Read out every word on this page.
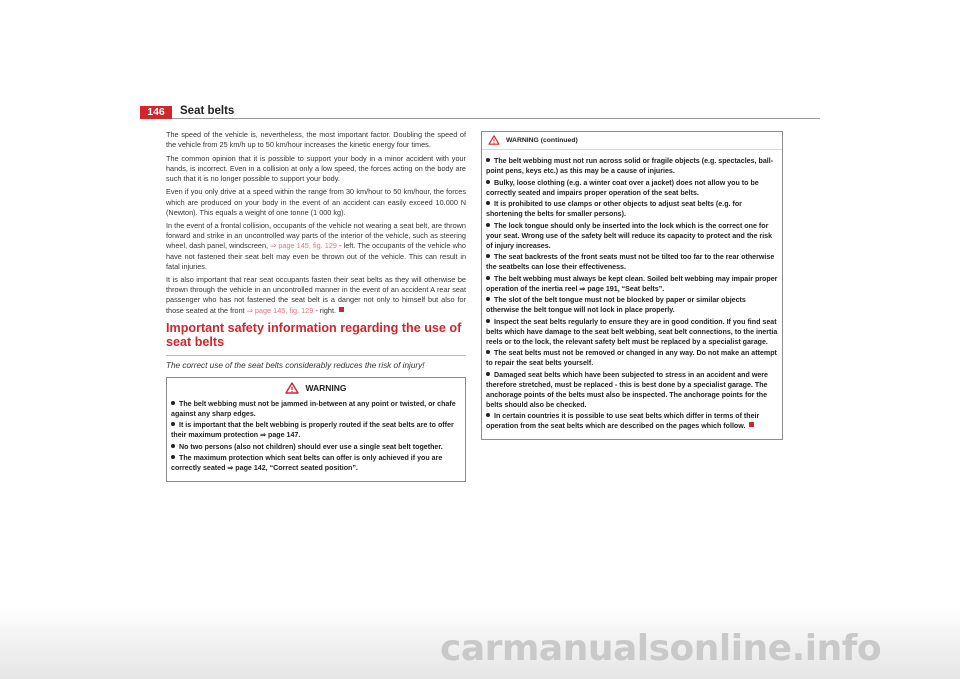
146	Seat belts

The speed of the vehicle is, nevertheless, the most important factor. Doubling the speed of the vehicle from 25 km/h up to 50 km/hour increases the kinetic energy four times.

The common opinion that it is possible to support your body in a minor accident with your hands, is incorrect. Even in a collision at only a low speed, the forces acting on the body are such that it is no longer possible to support your body.

Even if you only drive at a speed within the range from 30 km/hour to 50 km/hour, the forces which are produced on your body in the event of an accident can easily exceed 10.000 N (Newton). This equals a weight of one tonne (1 000 kg).

In the event of a frontal collision, occupants of the vehicle not wearing a seat belt, are thrown forward and strike in an uncontrolled way parts of the interior of the vehicle, such as steering wheel, dash panel, windscreen, ⇒ page 145, fig. 129 - left. The occupants of the vehicle who have not fastened their seat belt may even be thrown out of the vehicle. This can result in fatal injuries.

It is also important that rear seat occupants fasten their seat belts as they will otherwise be thrown through the vehicle in an uncontrolled manner in the event of an accident A rear seat passenger who has not fastened the seat belt is a danger not only to himself but also for those seated at the front ⇒ page 145, fig. 129 - right.

Important safety information regarding the use of seat belts
The correct use of the seat belts considerably reduces the risk of injury!
WARNING
The belt webbing must not be jammed in-between at any point or twisted, or chafe against any sharp edges.
It is important that the belt webbing is properly routed if the seat belts are to offer their maximum protection ⇒ page 147.
No two persons (also not children) should ever use a single seat belt together.
The maximum protection which seat belts can offer is only achieved if you are correctly seated ⇒ page 142, “Correct seated position”.
WARNING (continued)
The belt webbing must not run across solid or fragile objects (e.g. spectacles, ball-point pens, keys etc.) as this may be a cause of injuries.
Bulky, loose clothing (e.g. a winter coat over a jacket) does not allow you to be correctly seated and impairs proper operation of the seat belts.
It is prohibited to use clamps or other objects to adjust seat belts (e.g. for shortening the belts for smaller persons).
The lock tongue should only be inserted into the lock which is the correct one for your seat. Wrong use of the safety belt will reduce its capacity to protect and the risk of injury increases.
The seat backrests of the front seats must not be tilted too far to the rear otherwise the seatbelts can lose their effectiveness.
The belt webbing must always be kept clean. Soiled belt webbing may impair proper operation of the inertia reel ⇒ page 191, “Seat belts”.
The slot of the belt tongue must not be blocked by paper or similar objects otherwise the belt tongue will not lock in place properly.
Inspect the seat belts regularly to ensure they are in good condition. If you find seat belts which have damage to the seat belt webbing, seat belt connections, to the inertia reels or to the lock, the relevant safety belt must be replaced by a specialist garage.
The seat belts must not be removed or changed in any way. Do not make an attempt to repair the seat belts yourself.
Damaged seat belts which have been subjected to stress in an accident and were therefore stretched, must be replaced - this is best done by a specialist garage. The anchorage points of the belts must also be inspected. The anchorage points for the belts should also be checked.
In certain countries it is possible to use seat belts which differ in terms of their operation from the seat belts which are described on the pages which follow.
carmanualsonline.info
